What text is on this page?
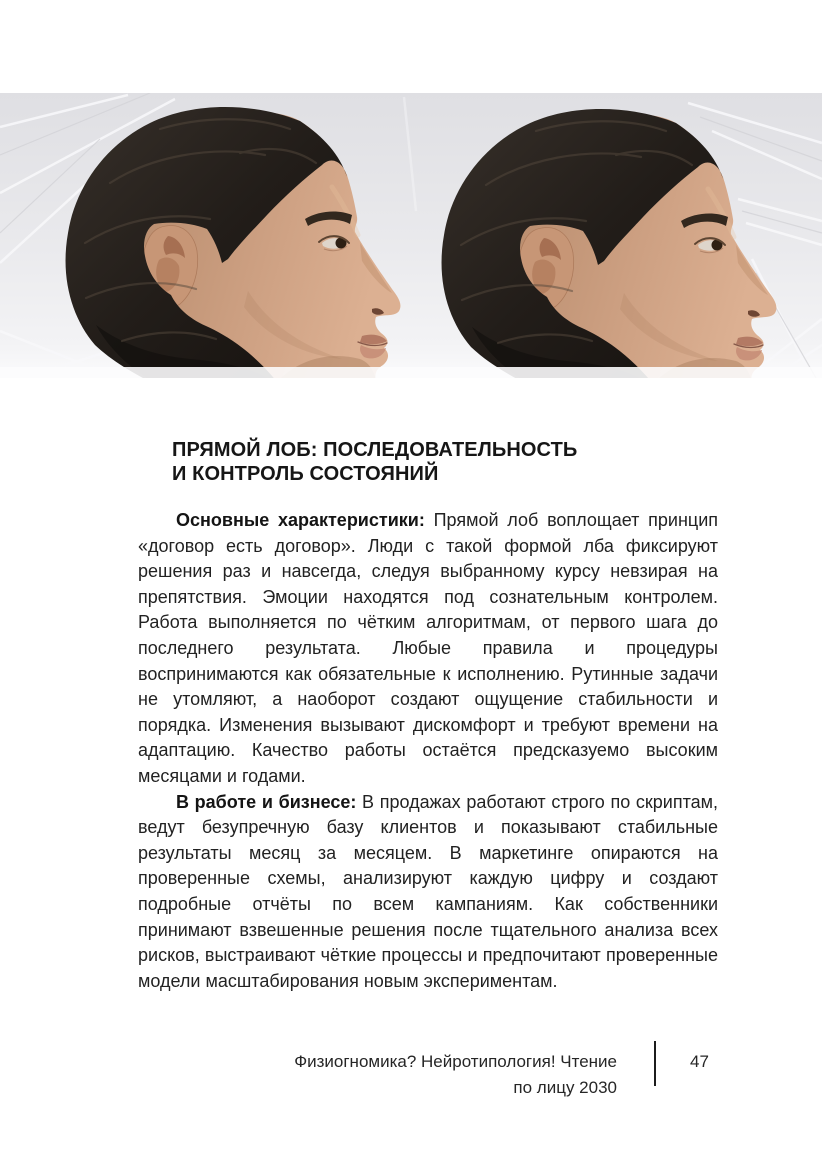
ПРЯМОЙ ЛОБ: ПОСЛЕДОВАТЕЛЬНОСТЬ
И КОНТРОЛЬ СОСТОЯНИЙ

Основные характеристики: Прямой лоб воплощает принцип «договор есть договор». Люди с такой формой лба фиксируют решения раз и навсегда, следуя выбранному курсу невзирая на препятствия. Эмоции находятся под сознательным контролем. Работа выполняется по чётким алгоритмам, от первого шага до последнего результата. Любые правила и процедуры воспринимаются как обязательные к исполнению. Рутинные задачи не утомляют, а наоборот создают ощущение стабильности и порядка. Изменения вызывают дискомфорт и требуют времени на адаптацию. Качество работы остаётся предсказуемо высоким месяцами и годами.

В работе и бизнесе: В продажах работают строго по скриптам, ведут безупречную базу клиентов и показывают стабильные результаты месяц за месяцем. В маркетинге опираются на проверенные схемы, анализируют каждую цифру и создают подробные отчёты по всем кампаниям. Как собственники принимают взвешенные решения после тщательного анализа всех рисков, выстраивают чёткие процессы и предпочитают проверенные модели масштабирования новым экспериментам.

Физиогномика? Нейротипология! Чтение
по лицу 2030
47
